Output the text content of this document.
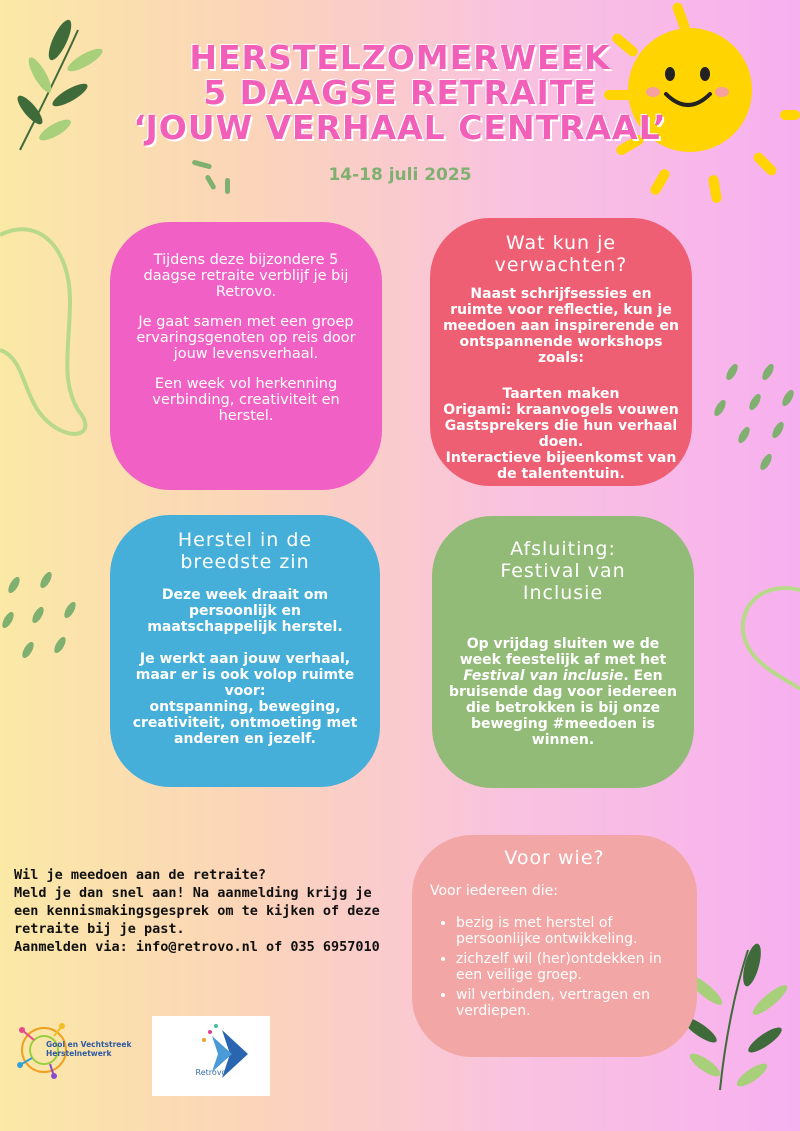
HERSTELZOMERWEEK
5 DAAGSE RETRAITE
‘JOUW VERHAAL CENTRAAL’
14-18 juli 2025

Tijdens deze bijzondere 5 daagse retraite verblijf je bij Retrovo.

Je gaat samen met een groep ervaringsgenoten op reis door jouw levensverhaal.

Een week vol herkenning verbinding, creativiteit en herstel.

Wat kun je verwachten?

Naast schrijfsessies en ruimte voor reflectie, kun je meedoen aan inspirerende en ontspannende workshops zoals:

Taarten maken
Origami: kraanvogels vouwen
Gastsprekers die hun verhaal doen.
Interactieve bijeenkomst van de talententuin.
Herstel in de breedste zin

Deze week draait om persoonlijk en maatschappelijk herstel.

Je werkt aan jouw verhaal, maar er is ook volop ruimte voor:

ontspanning, beweging, creativiteit, ontmoeting met anderen en jezelf.

Afsluiting: Festival van Inclusie

Op vrijdag sluiten we de week feestelijk af met het Festival van inclusie. Een bruisende dag voor iedereen die betrokken is bij onze beweging #meedoen is winnen.

Voor wie?

Voor iedereen die:

• bezig is met herstel of persoonlijke ontwikkeling.
• zichzelf wil (her)ontdekken in een veilige groep.
• wil verbinden, vertragen en verdiepen.
Wil je meedoen aan de retraite?
Meld je dan snel aan! Na aanmelding krijg je een kennismakingsgesprek om te kijken of deze retraite bij je past.
Aanmelden via: info@retrovo.nl of 035 6957010
Gool en Vechtstreek Herstelnetwerk
Retrovo
